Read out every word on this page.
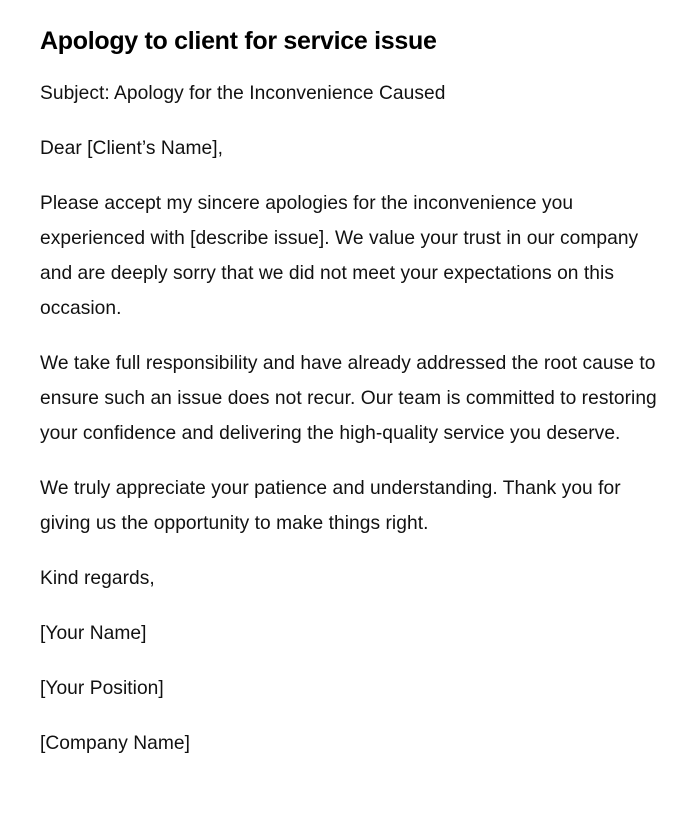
Apology to client for service issue

Subject: Apology for the Inconvenience Caused

Dear [Client’s Name],

Please accept my sincere apologies for the inconvenience you experienced with [describe issue]. We value your trust in our company and are deeply sorry that we did not meet your expectations on this occasion.

We take full responsibility and have already addressed the root cause to ensure such an issue does not recur. Our team is committed to restoring your confidence and delivering the high-quality service you deserve.

We truly appreciate your patience and understanding. Thank you for giving us the opportunity to make things right.

Kind regards,

[Your Name]

[Your Position]

[Company Name]
